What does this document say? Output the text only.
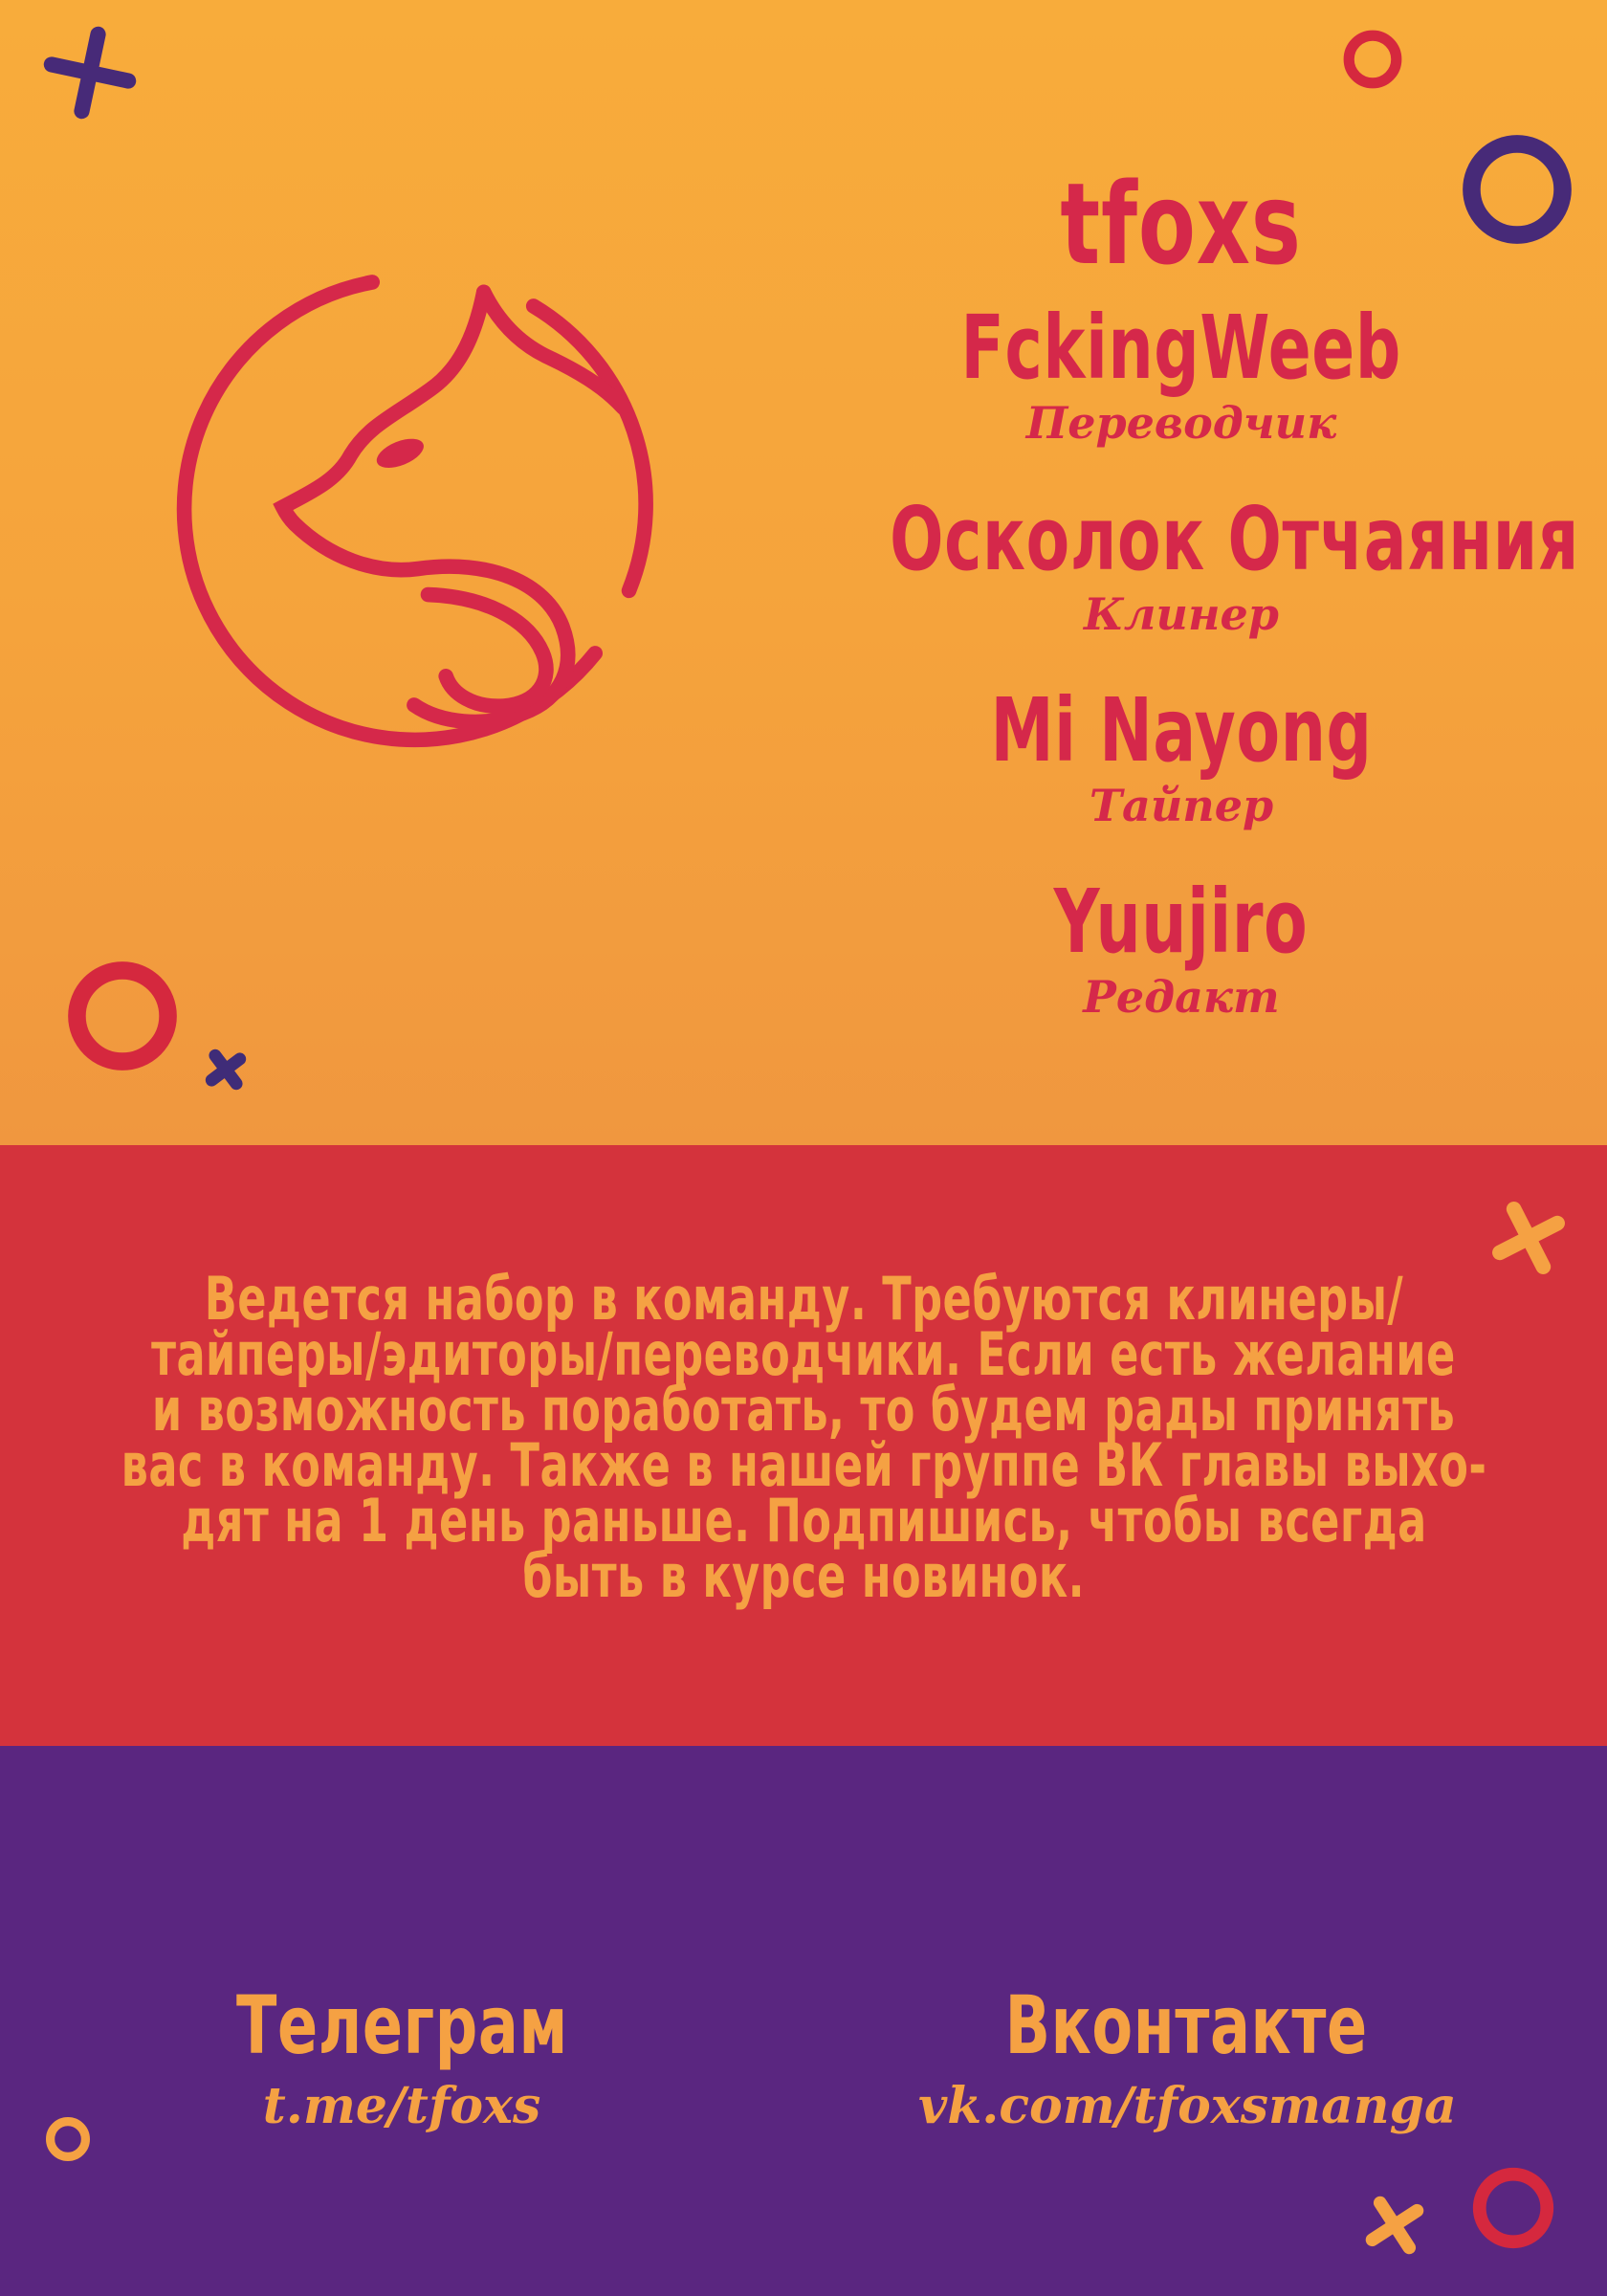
tfoxs
FckingWeeb
Переводчик
Осколок Отчаяния
Клинер
Mi Nayong
Тайпер
Yuujiro
Редакт
Ведется набор в команду. Требуются клинеры/
тайперы/эдиторы/переводчики. Если есть желание
и возможность поработать, то будем рады принять
вас в команду. Также в нашей группе ВК главы выхо-
дят на 1 день раньше. Подпишись, чтобы всегда
быть в курсе новинок.
Телеграм
t.me/tfoxs
Вконтакте
vk.com/tfoxsmanga
